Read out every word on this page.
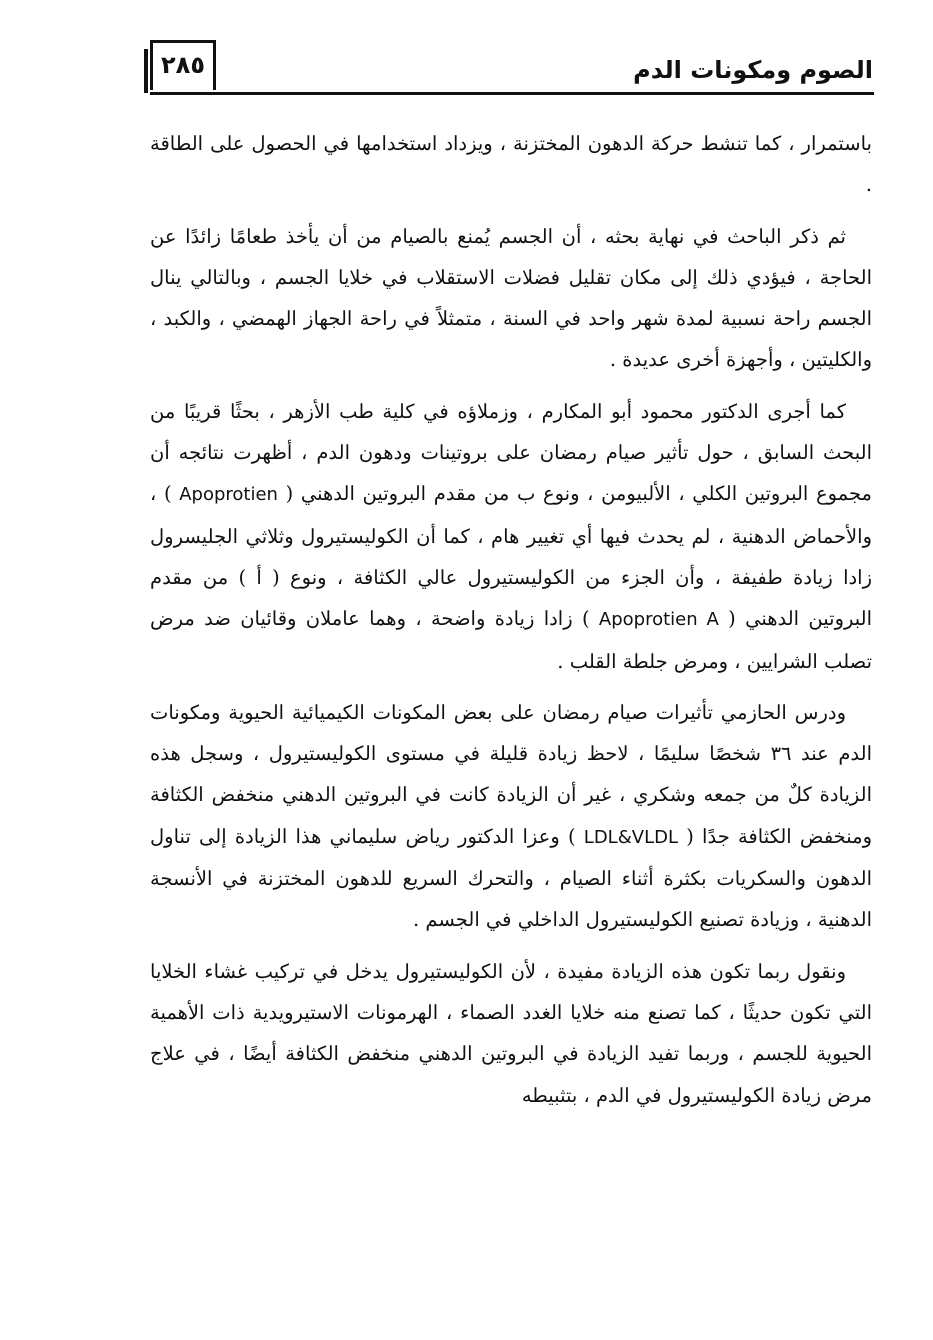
٢٨٥	الصوم ومكونات الدم

باستمرار ، كما تنشط حركة الدهون المختزنة ، ويزداد استخدامها في الحصول على الطاقة .

ثم ذكر الباحث في نهاية بحثه ، أن الجسم يُمنع بالصيام من أن يأخذ طعامًا زائدًا عن الحاجة ، فيؤدي ذلك إلى مكان تقليل فضلات الاستقلاب في خلايا الجسم ، وبالتالي ينال الجسم راحة نسبية لمدة شهر واحد في السنة ، متمثلاً في راحة الجهاز الهمضي ، والكبد ، والكليتين ، وأجهزة أخرى عديدة .

كما أجرى الدكتور محمود أبو المكارم ، وزملاؤه في كلية طب الأزهر ، بحثًا قريبًا من البحث السابق ، حول تأثير صيام رمضان على بروتينات ودهون الدم ، أظهرت نتائجه أن مجموع البروتين الكلي ، الألبيومن ، ونوع ب من مقدم البروتين الدهني ( Apoprotien ) ، والأحماض الدهنية ، لم يحدث فيها أي تغيير هام ، كما أن الكوليستيرول وثلاثي الجليسرول زادا زيادة طفيفة ، وأن الجزء من الكوليستيرول عالي الكثافة ، ونوع ( أ ) من مقدم البروتين الدهني ( Apoprotien A ) زادا زيادة واضحة ، وهما عاملان وقائيان ضد مرض تصلب الشرايين ، ومرض جلطة القلب .

ودرس الحازمي تأثيرات صيام رمضان على بعض المكونات الكيميائية الحيوية ومكونات الدم عند ٣٦ شخصًا سليمًا ، لاحظ زيادة قليلة في مستوى الكوليستيرول ، وسجل هذه الزيادة كلٌ من جمعه وشكري ، غير أن الزيادة كانت في البروتين الدهني منخفض الكثافة ومنخفض الكثافة جدًا ( LDL&VLDL ) وعزا الدكتور رياض سليماني هذا الزيادة إلى تناول الدهون والسكريات بكثرة أثناء الصيام ، والتحرك السريع للدهون المختزنة في الأنسجة الدهنية ، وزيادة تصنيع الكوليستيرول الداخلي في الجسم .

ونقول ربما تكون هذه الزيادة مفيدة ، لأن الكوليستيرول يدخل في تركيب غشاء الخلايا التي تكون حديثًا ، كما تصنع منه خلايا الغدد الصماء ، الهرمونات الاستيرويدية ذات الأهمية الحيوية للجسم ، وربما تفيد الزيادة في البروتين الدهني منخفض الكثافة أيضًا ، في علاج مرض زيادة الكوليستيرول في الدم ، بتثبيطه
